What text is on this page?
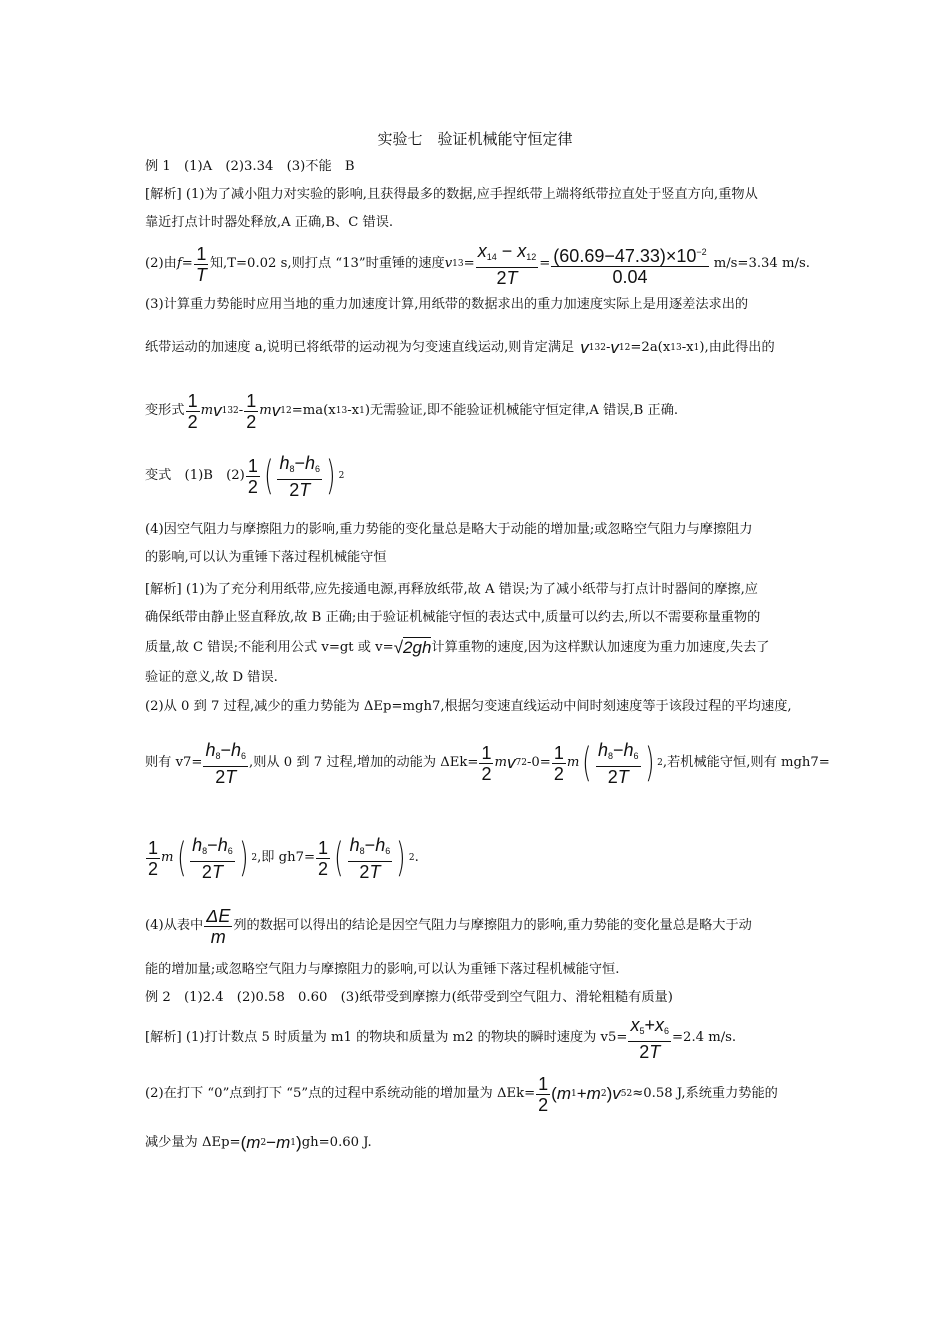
实验七　验证机械能守恒定律
例 1　(1)A　(2)3.34　(3)不能　B
[解析] (1)为了减小阻力对实验的影响,且获得最多的数据,应手捏纸带上端将纸带拉直处于竖直方向,重物从
靠近打点计时器处释放,A 正确,B、C 错误.
(2)由 $f = \frac{1}{T}$ 知,T=0.02 s,则打点 “13”时重锤的速度 v $13 = \frac{x_{14} - x_{12}}{2T} = \frac{(60.69-47.33)\times 10^{-2}}{0.04} m/s=3.34$ m/s.
(3)计算重力势能时应用当地的重力加速度计算,用纸带的数据求出的重力加速度实际上是用逐差法求出的
纸带运动的加速度 a,说明已将纸带的运动视为匀变速直线运动,则肯定满足 v 13 2 - v 1 2 =2a(x 13 -x 1 ) ,由此得出的
变形式 $\frac{1}{2}$ m v 13 $2 - \frac{1}{2}$ m v 1 2 =ma(x 13 -x 1 )无需验证,即不能验证机械能守恒定律,A 错误,B 正确.
变式　(1)B　$(2) \frac{1}{2}$ ( $\frac{h_8-h_6}{2T}$ ) 2
(4)因空气阻力与摩擦阻力的影响,重力势能的变化量总是略大于动能的增加量;或忽略空气阻力与摩擦阻力
的影响,可以认为重锤下落过程机械能守恒
[解析] (1)为了充分利用纸带,应先接通电源,再释放纸带,故 A 错误;为了减小纸带与打点计时器间的摩擦,应
确保纸带由静止竖直释放,故 B 正确;由于验证机械能守恒的表达式中,质量可以约去,所以不需要称量重物的
质量,故 C 错误;不能利用公式 v=gt 或 v= √2gh 计算重物的速度,因为这样默认加速度为重力加速度,失去了
验证的意义,故 D 错误.
(2)从 0 到 7 过程,减少的重力势能为 ΔEp=mgh7,根据匀变速直线运动中间时刻速度等于该段过程的平均速度,
则有 $v7= \frac{h_8-h_6}{2T}$ ,则从 0 到 7 过程,增加的动能为 $\Delta Ek= \frac{1}{2}$ m v 7 2 $-0= \frac{1}{2}$ m ( $\frac{h_8-h_6}{2T}$ ) 2 ,若机械能守恒,则有 mgh7=
$\frac{1}{2}$ m ( $\frac{h_8-h_6}{2T}$ ) 2 ,即 $gh7= \frac{1}{2}$ ( $\frac{h_8-h_6}{2T}$ ) 2 .
(4)从表中 $\frac{\Delta E}{m}$ 列的数据可以得出的结论是因空气阻力与摩擦阻力的影响,重力势能的变化量总是略大于动
能的增加量;或忽略空气阻力与摩擦阻力的影响,可以认为重锤下落过程机械能守恒.
例 2　(1)2.4　(2)0.58　0.60　(3)纸带受到摩擦力(纸带受到空气阻力、滑轮粗糙有质量)
[解析] (1)打计数点 5 时质量为 m1 的物块和质量为 m2 的物块的瞬时速度为 $v5= \frac{x_5+x_6}{2T} =2.4$ m/s.
(2)在打下 “0”点到打下 “5”点的过程中系统动能的增加量为 $\Delta Ek= \frac{1}{2}$ ( m 1 + m 2 ) v 5 2 ≈0.58 J,系统重力势能的
减少量为 ΔEp= ( m 2 − m 1 ) gh=0.60 J.
